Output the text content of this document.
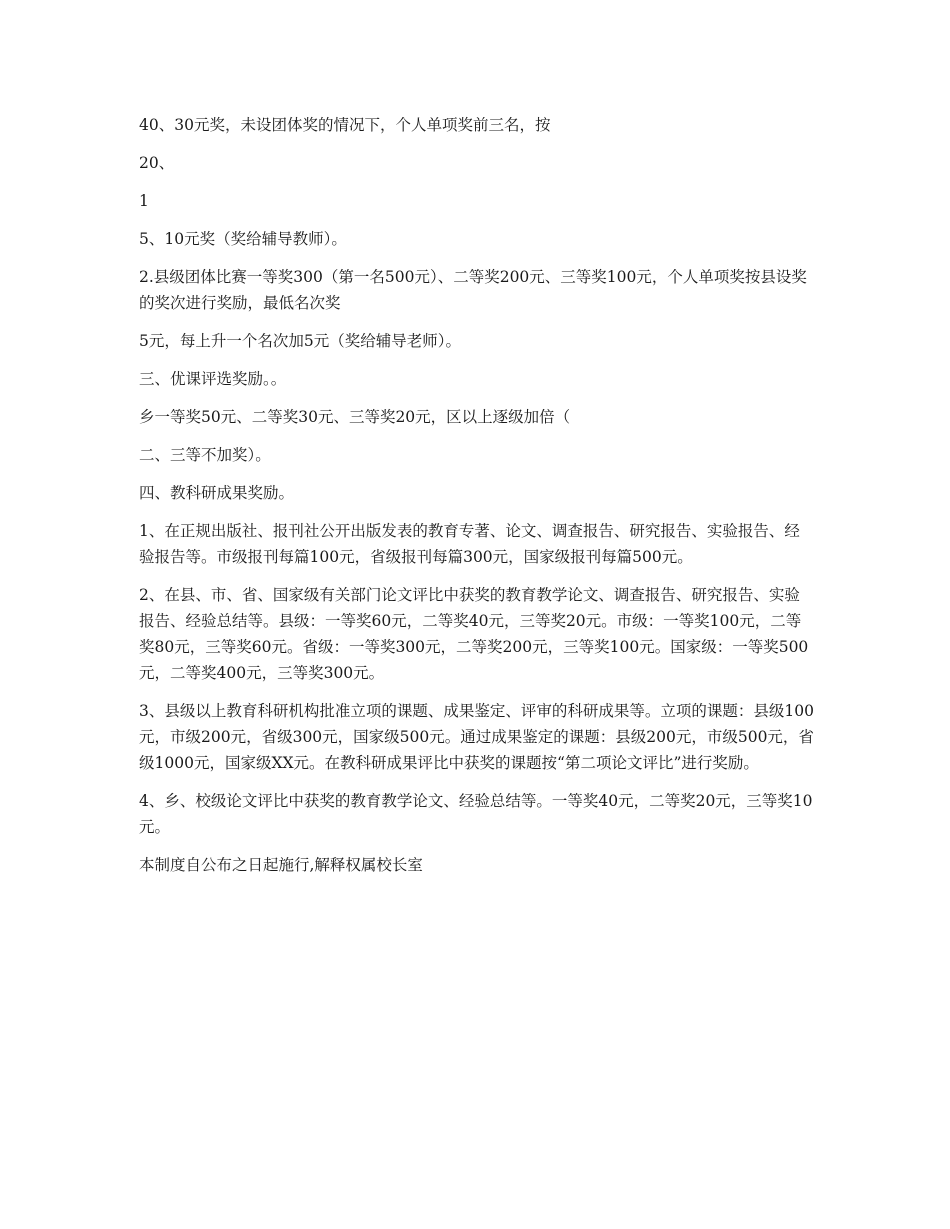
40、30元奖，未设团体奖的情况下，个人单项奖前三名，按

20、

1

5、10元奖（奖给辅导教师）。

2.县级团体比赛一等奖300（第一名500元）、二等奖200元、三等奖100元，个人单项奖按县设奖的奖次进行奖励，最低名次奖

5元，每上升一个名次加5元（奖给辅导老师）。

三、优课评选奖励。。

乡一等奖50元、二等奖30元、三等奖20元，区以上逐级加倍（

二、三等不加奖）。

四、教科研成果奖励。

1、在正规出版社、报刊社公开出版发表的教育专著、论文、调查报告、研究报告、实验报告、经验报告等。市级报刊每篇100元，省级报刊每篇300元，国家级报刊每篇500元。

2、在县、市、省、国家级有关部门论文评比中获奖的教育教学论文、调查报告、研究报告、实验报告、经验总结等。县级：一等奖60元，二等奖40元，三等奖20元。市级：一等奖100元，二等奖80元，三等奖60元。省级：一等奖300元，二等奖200元，三等奖100元。国家级：一等奖500元，二等奖400元，三等奖300元。

3、县级以上教育科研机构批准立项的课题、成果鉴定、评审的科研成果等。立项的课题：县级100元，市级200元，省级300元，国家级500元。通过成果鉴定的课题：县级200元，市级500元，省级1000元，国家级XX元。在教科研成果评比中获奖的课题按“第二项论文评比”进行奖励。

4、乡、校级论文评比中获奖的教育教学论文、经验总结等。一等奖40元，二等奖20元，三等奖10元。

本制度自公布之日起施行,解释权属校长室
